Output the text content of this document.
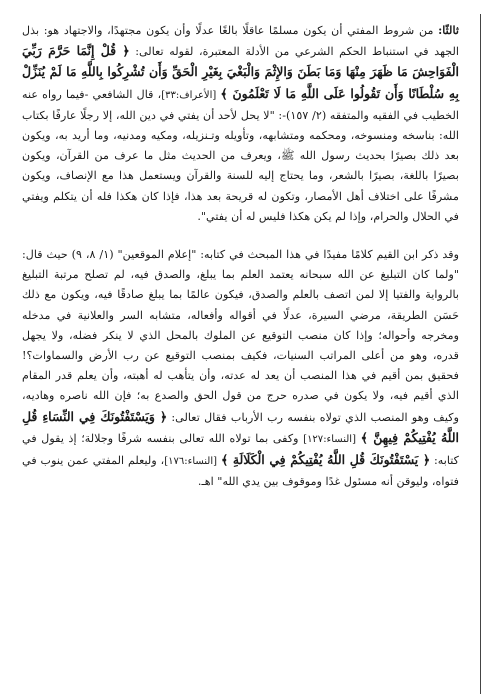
ثالثًا: من شروط المفتي أن يكون مسلمًا عاقلًا بالغًا عدلًا وأن يكون مجتهدًا، والاجتهاد هو: بذل الجهد في استنباط الحكم الشرعي من الأدلة المعتبرة، لقوله تعالى: ﴿ قُلْ إِنَّمَا حَرَّمَ رَبِّيَ الْفَوَاحِشَ مَا ظَهَرَ مِنْهَا وَمَا بَطَنَ وَالإِثْمَ وَالْبَغْيَ بِغَيْرِ الْحَقِّ وَأَن تُشْرِكُوا بِاللَّهِ مَا لَمْ يُنَزِّلْ بِهِ سُلْطَانًا وَأَن تَقُولُوا عَلَى اللَّهِ مَا لَا تَعْلَمُونَ ﴾ [الأعراف:٣٣]، قال الشافعي -فيما رواه عنه الخطيب في الفقيه والمتفقه (٢/ ١٥٧)-: "لا يحل لأحد أن يفتي في دين الله، إلا رجلًا عارفًا بكتاب الله: بناسخه ومنسوخه، ومحكمه ومتشابهه، وتأويله وتـنزيله، ومكيه ومدنيه، وما أريد به، ويكون بعد ذلك بصيرًا بحديث رسول الله ﷺ، ويعرف من الحديث مثل ما عرف من القرآن، ويكون بصيرًا باللغة، بصيرًا بالشعر، وما يحتاج إليه للسنة والقرآن ويستعمل هذا مع الإنصاف، ويكون مشرفًا على اختلاف أهل الأمصار، وتكون له قريحة بعد هذا، فإذا كان هكذا فله أن يتكلم ويفتي في الحلال والحرام، وإذا لم يكن هكذا فليس له أن يفتي".

وقد ذكر ابن القيم كلامًا مفيدًا في هذا المبحث في كتابه: "إعلام الموقعين" (١/ ٨، ٩) حيث قال: "ولما كان التبليغ عن الله سبحانه يعتمد العلم بما يبلغ، والصدق فيه، لم تصلح مرتبة التبليغ بالرواية والفتيا إلا لمن اتصف بالعلم والصدق، فيكون عالمًا بما يبلغ صادقًا فيه، ويكون مع ذلك حَسَن الطريقة، مرضي السيرة، عدلًا في أقواله وأفعاله، متشابه السر والعلانية في مدخله ومخرجه وأحواله؛ وإذا كان منصب التوقيع عن الملوك بالمحل الذي لا ينكر فضله، ولا يجهل قدره، وهو من أعلى المراتب السنيات، فكيف بمنصب التوقيع عن رب الأرض والسماوات؟! فحقيق بمن أقيم في هذا المنصب أن يعد له عدته، وأن يتأهب له أهبته، وأن يعلم قدر المقام الذي أقيم فيه، ولا يكون في صدره حرج من قول الحق والصدع به؛ فإن الله ناصره وهاديه، وكيف وهو المنصب الذي تولاه بنفسه رب الأرباب فقال تعالى: ﴿ وَيَسْتَفْتُونَكَ فِي النِّسَاءِ قُلِ اللَّهُ يُفْتِيكُمْ فِيهِنَّ ﴾ [النساء:١٢٧] وكفى بما تولاه الله تعالى بنفسه شرفًا وجلالة؛ إذ يقول في كتابه: ﴿ يَسْتَفْتُونَكَ قُلِ اللَّهُ يُفْتِيكُمْ فِي الْكَلَالَةِ ﴾ [النساء:١٧٦]، وليعلم المفتي عمن ينوب في فتواه، وليوقن أنه مسئول غدًا وموقوف بين يدي الله" اهـ.
